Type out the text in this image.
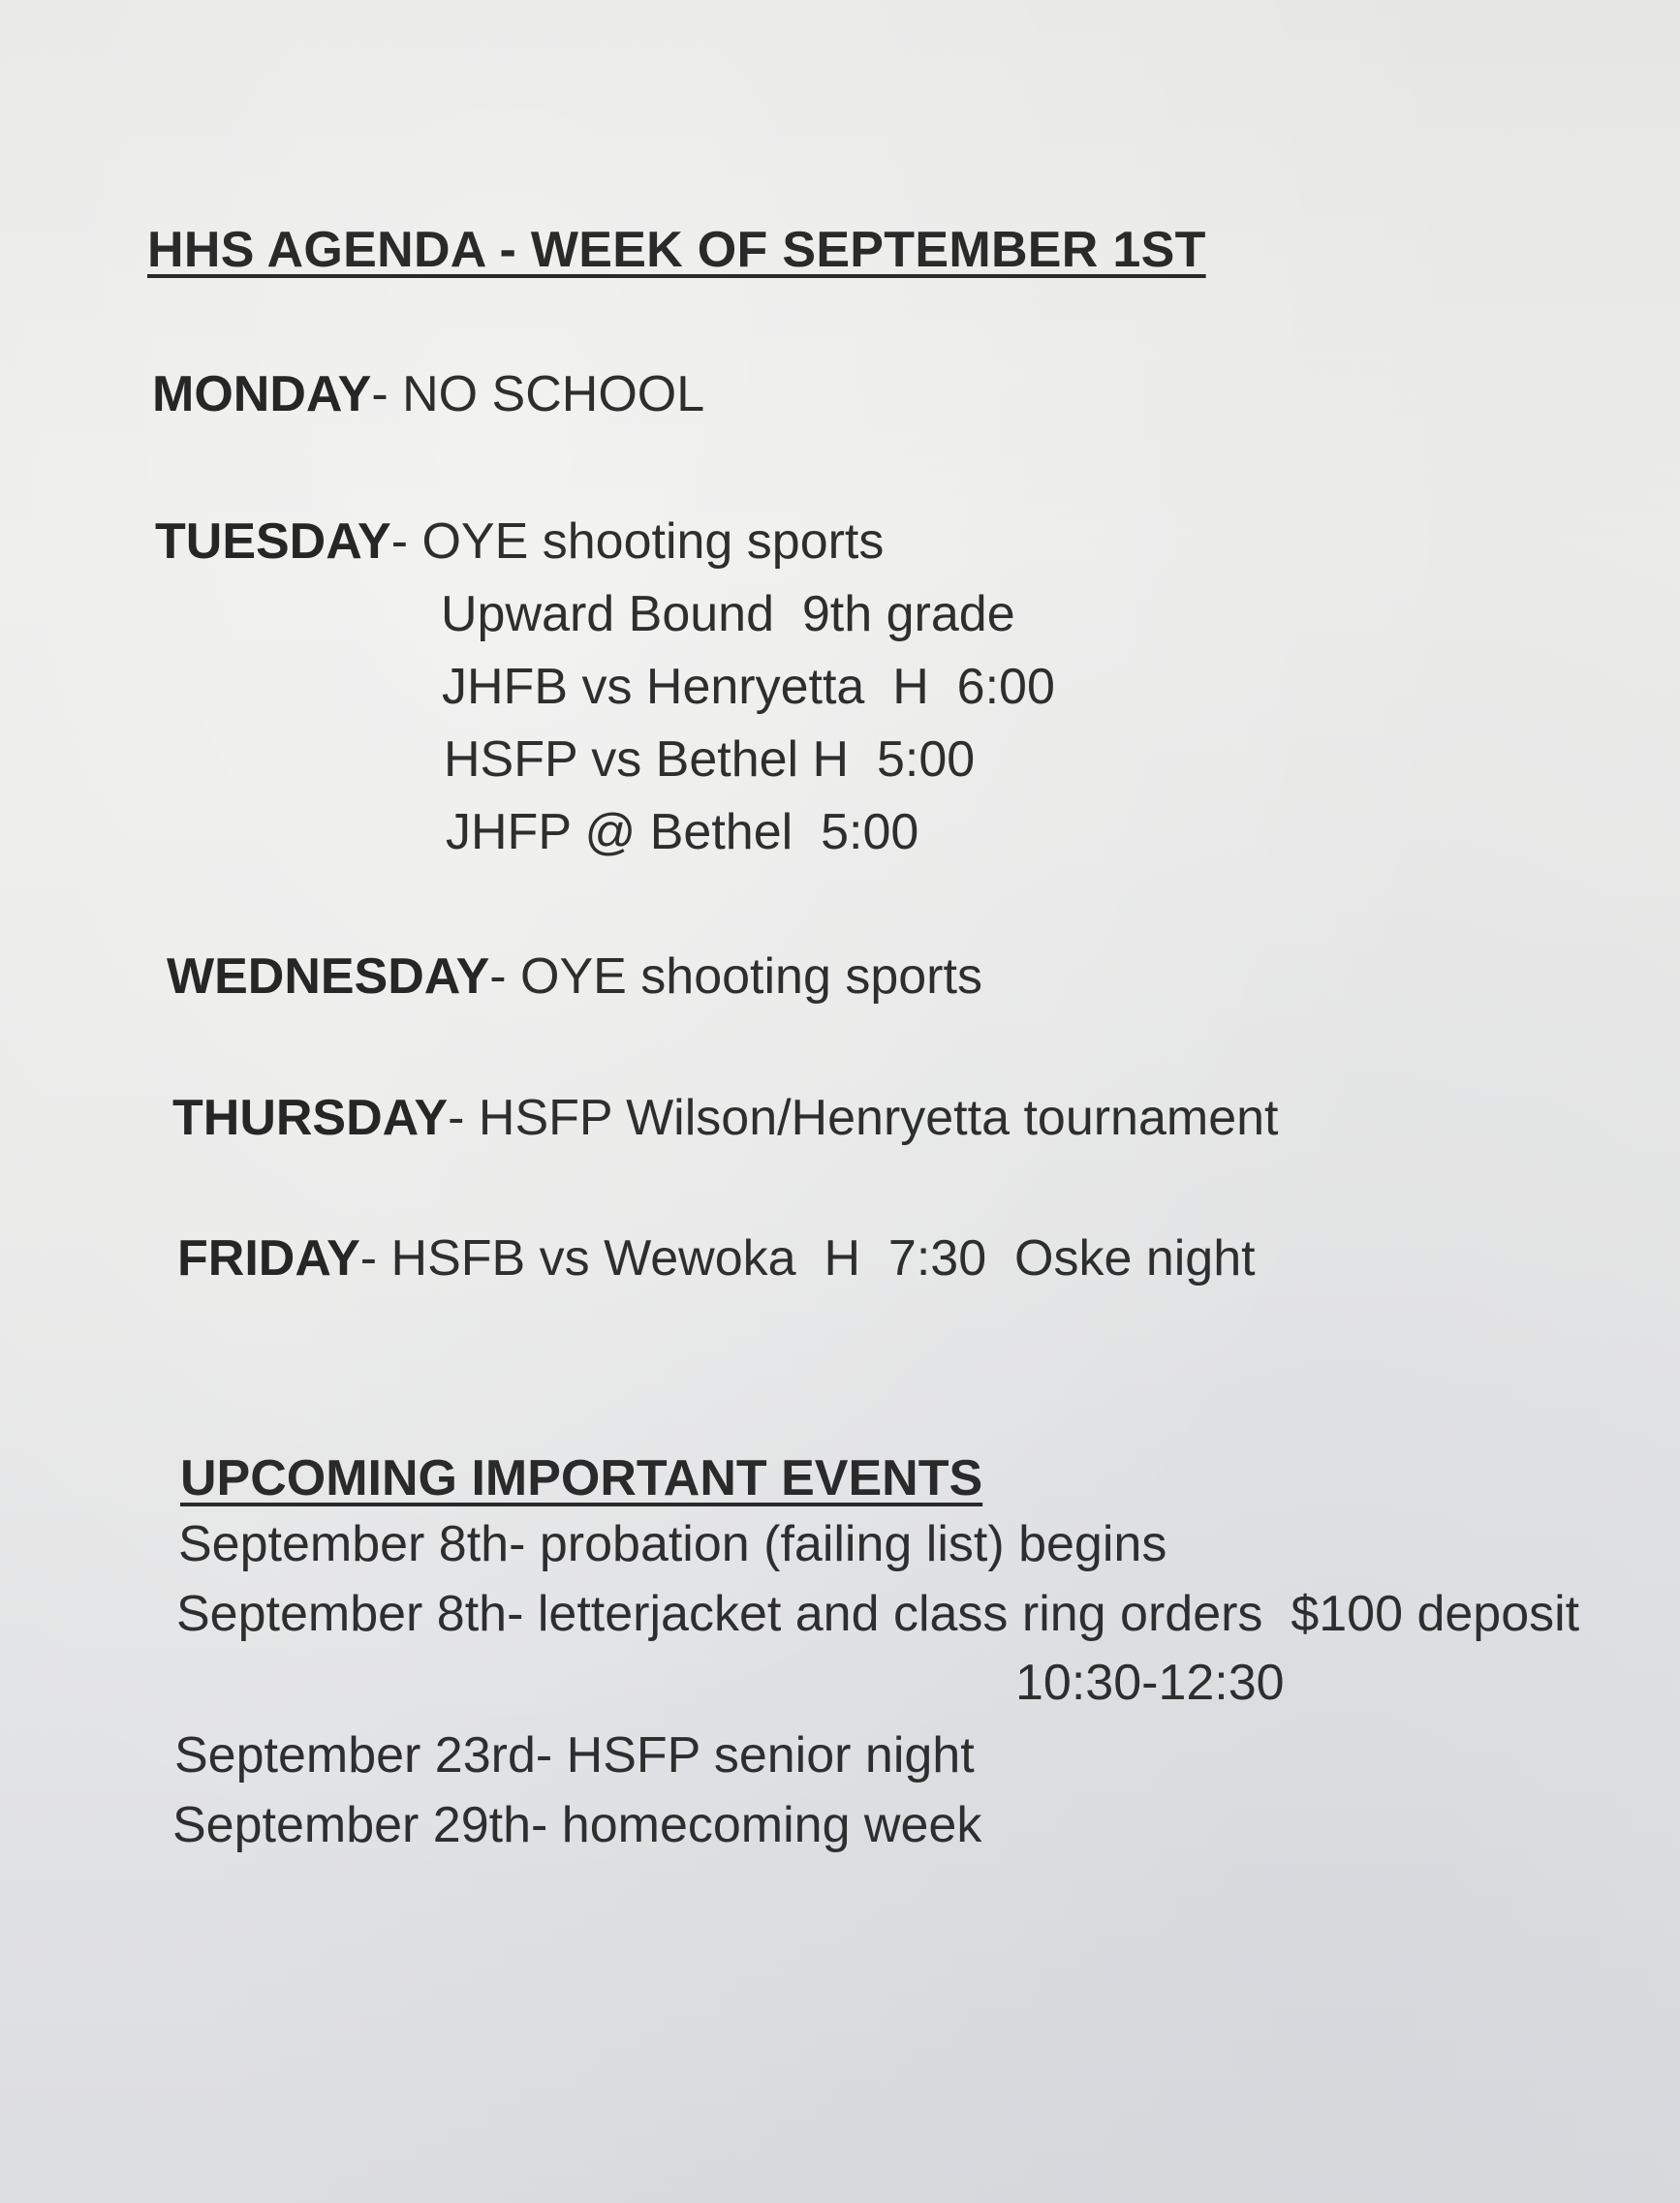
HHS AGENDA - WEEK OF SEPTEMBER 1ST
MONDAY- NO SCHOOL
TUESDAY- OYE shooting sports
Upward Bound  9th grade
JHFB vs Henryetta  H  6:00
HSFP vs Bethel H  5:00
JHFP @ Bethel  5:00
WEDNESDAY- OYE shooting sports
THURSDAY- HSFP Wilson/Henryetta tournament
FRIDAY- HSFB vs Wewoka  H  7:30  Oske night
UPCOMING IMPORTANT EVENTS
September 8th- probation (failing list) begins
September 8th- letterjacket and class ring orders  $100 deposit
10:30-12:30
September 23rd- HSFP senior night
September 29th- homecoming week
